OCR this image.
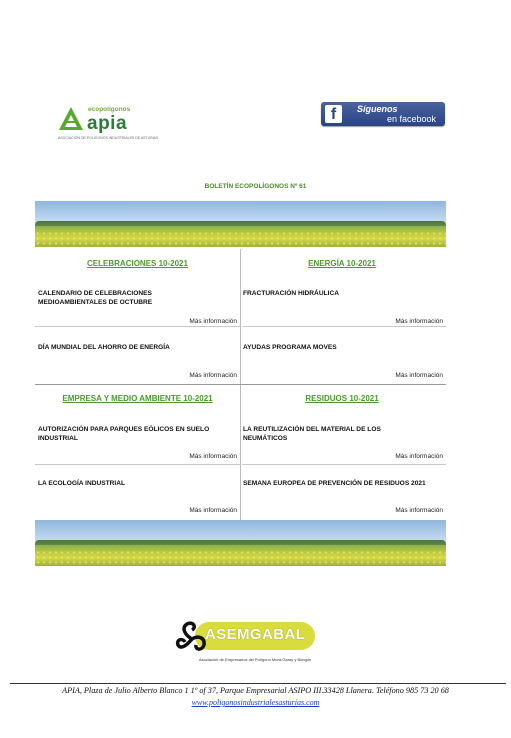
ecopolígonos
apia
ASOCIACIÓN DE POLÍGONOS INDUSTRIALES DE ASTURIAS
f	Síguenos
en facebook
BOLETÍN ECOPOLÍGONOS Nº 61
CELEBRACIONES 10-2021
CALENDARIO DE CELEBRACIONES MEDIOAMBIENTALES DE OCTUBRE
Más información
DÍA MUNDIAL DEL AHORRO DE ENERGÍA
Más información
ENERGÍA 10-2021
FRACTURACIÓN HIDRÁULICA
Más información
AYUDAS PROGRAMA MOVES
Más información
EMPRESA Y MEDIO AMBIENTE 10-2021
AUTORIZACIÓN PARA PARQUES EÓLICOS EN SUELO INDUSTRIAL
Más información
LA ECOLOGÍA INDUSTRIAL
Más información
RESIDUOS 10-2021
LA REUTILIZACIÓN DEL MATERIAL DE LOS NEUMÁTICOS
Más información
SEMANA EUROPEA DE PREVENCIÓN DE RESIDUOS 2021
Más información
ASEMGABAL
Asociación de Empresarios del Polígono Mora-Garay y Bobgón
APIA, Plaza de Julio Alberto Blanco 1 1º of 37, Parque Empresarial ASIPO III.33428 Llanera. Teléfono 985 73 20 68
www.poligonosindustrialesasturias.com
